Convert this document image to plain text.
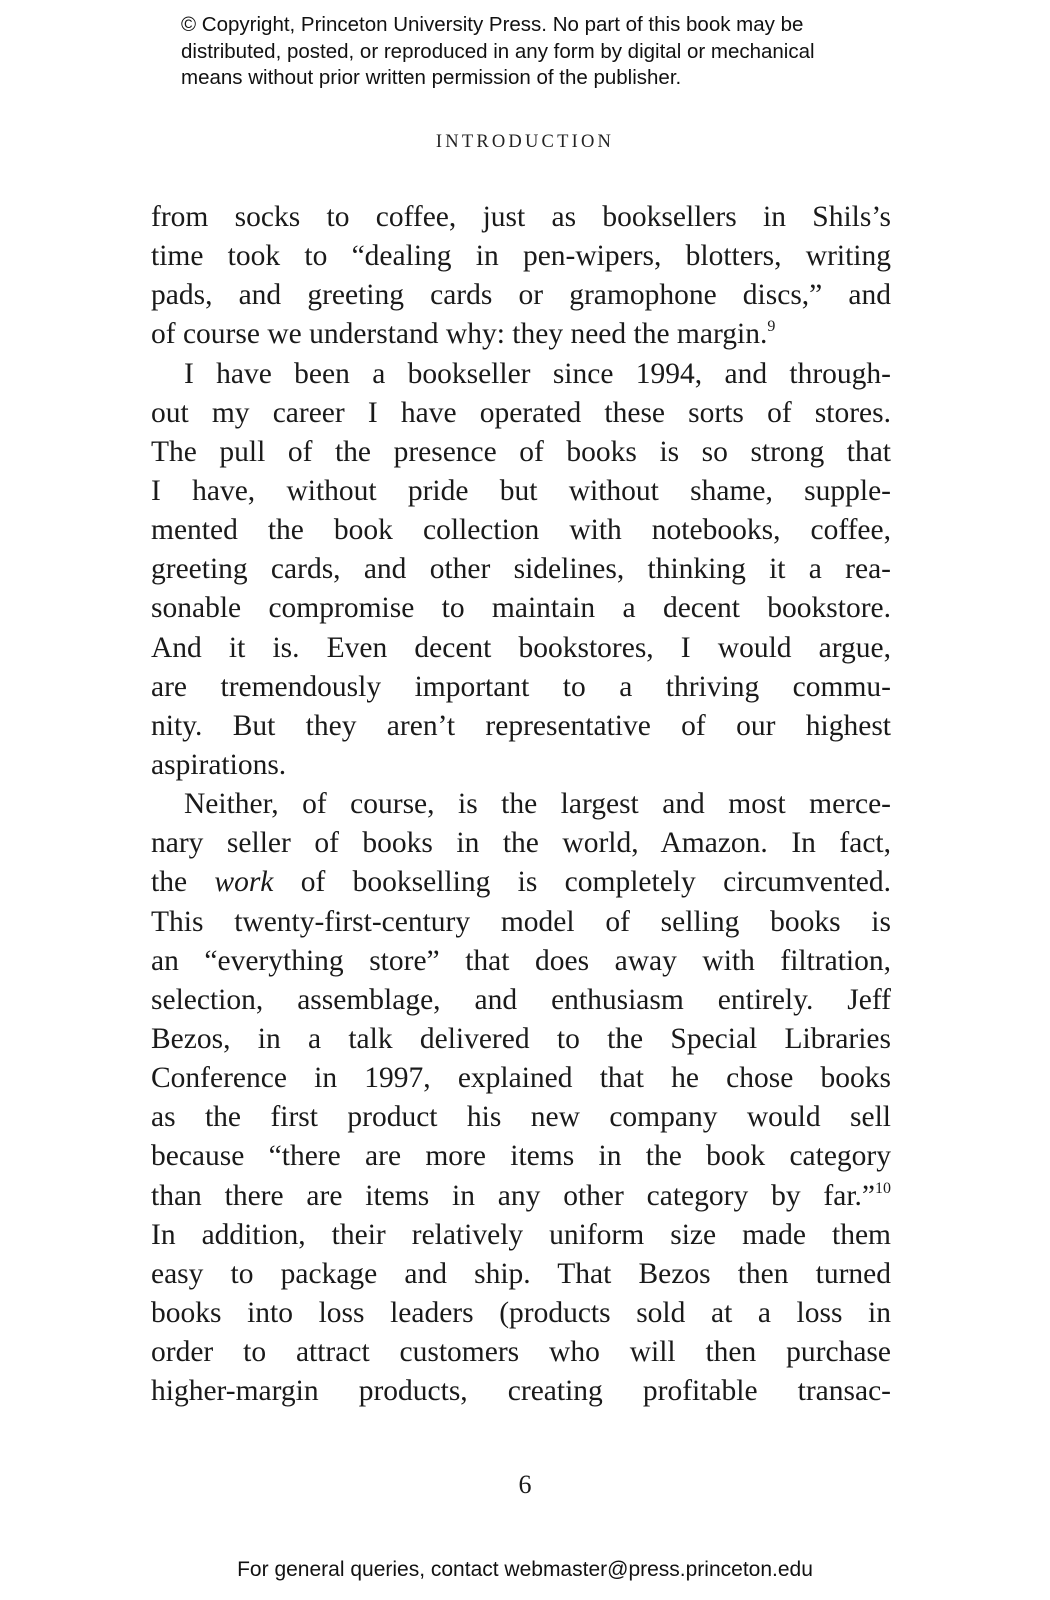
© Copyright, Princeton University Press. No part of this book may be
distributed, posted, or reproduced in any form by digital or mechanical
means without prior written permission of the publisher.
INTRODUCTION
from socks to coffee, just as booksellers in Shils’s
time took to “dealing in pen-wipers, blotters, writing
pads, and greeting cards or gramophone discs,” and
of course we understand why: they need the margin.$^9$
I have been a bookseller since 1994, and through-
out my career I have operated these sorts of stores.
The pull of the presence of books is so strong that
I have, without pride but without shame, supple-
mented the book collection with notebooks, coffee,
greeting cards, and other sidelines, thinking it a rea-
sonable compromise to maintain a decent bookstore.
And it is. Even decent bookstores, I would argue,
are tremendously important to a thriving commu-
nity. But they aren’t representative of our highest
aspirations.
Neither, of course, is the largest and most merce-
nary seller of books in the world, Amazon. In fact,
the work of bookselling is completely circumvented.
This twenty-first-century model of selling books is
an “everything store” that does away with filtration,
selection, assemblage, and enthusiasm entirely. Jeff
Bezos, in a talk delivered to the Special Libraries
Conference in 1997, explained that he chose books
as the first product his new company would sell
because “there are more items in the book category
than there are items in any other category by far.”$^{10}$
In addition, their relatively uniform size made them
easy to package and ship. That Bezos then turned
books into loss leaders (products sold at a loss in
order to attract customers who will then purchase
higher-margin products, creating profitable transac-
6
For general queries, contact webmaster@press.princeton.edu
